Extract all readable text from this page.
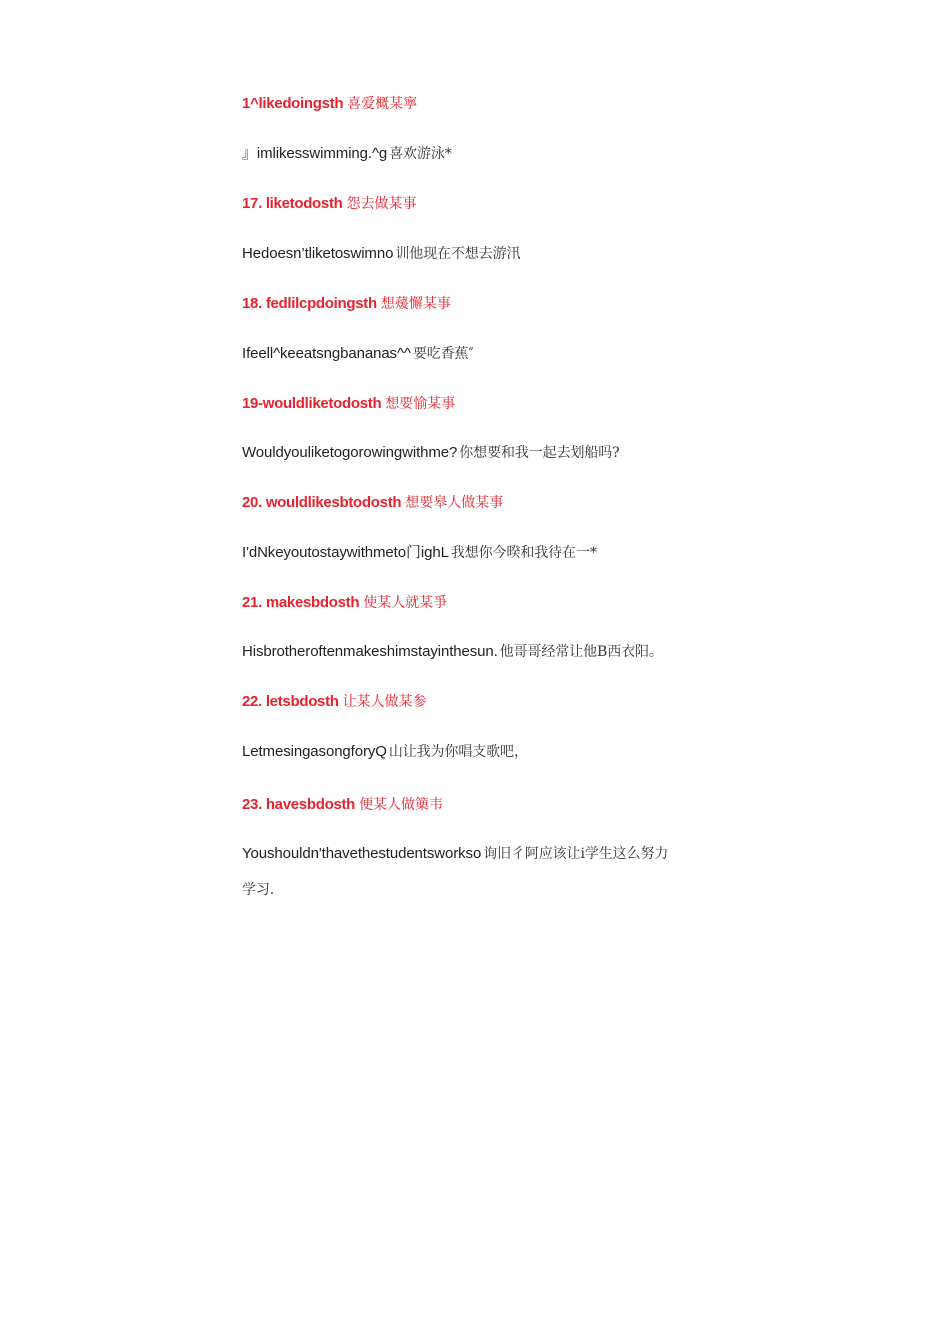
1^likedoingsth 喜爱概某寧
』imlikesswimming.^g 喜欢游泳*
17. liketodosth 怨去做某事
Hedoesn’tliketoswimno 训他现在不想去游汛
18. fedlilcpdoingsth 想蕿懈某事
Ifeell^keeatsngbananas^^ 要吃香蕉″
19-wouldliketodosth 想要愉某事
Wouldyouliketogorowingwithme? 你想要和我一起去划船吗?
20. wouldlikesbtodosth 想要皋人做某事
I'dNkeyoutostaywithmeto门ighL 我想你今暌和我待在一*
21. makesbdosth 使某人就某爭
Hisbrotheroftenmakeshimstayinthesun. 他哥哥经常让他B西衣阳。
22. letsbdosth 让某人做某参
LetmesingasongforyQ 山让我为你唱支歌吧，
23. havesbdosth 便某人做篥韦
Youshouldn'thavethestudentsworkso 询旧彳阿应该让i学生这么努力
学习.
